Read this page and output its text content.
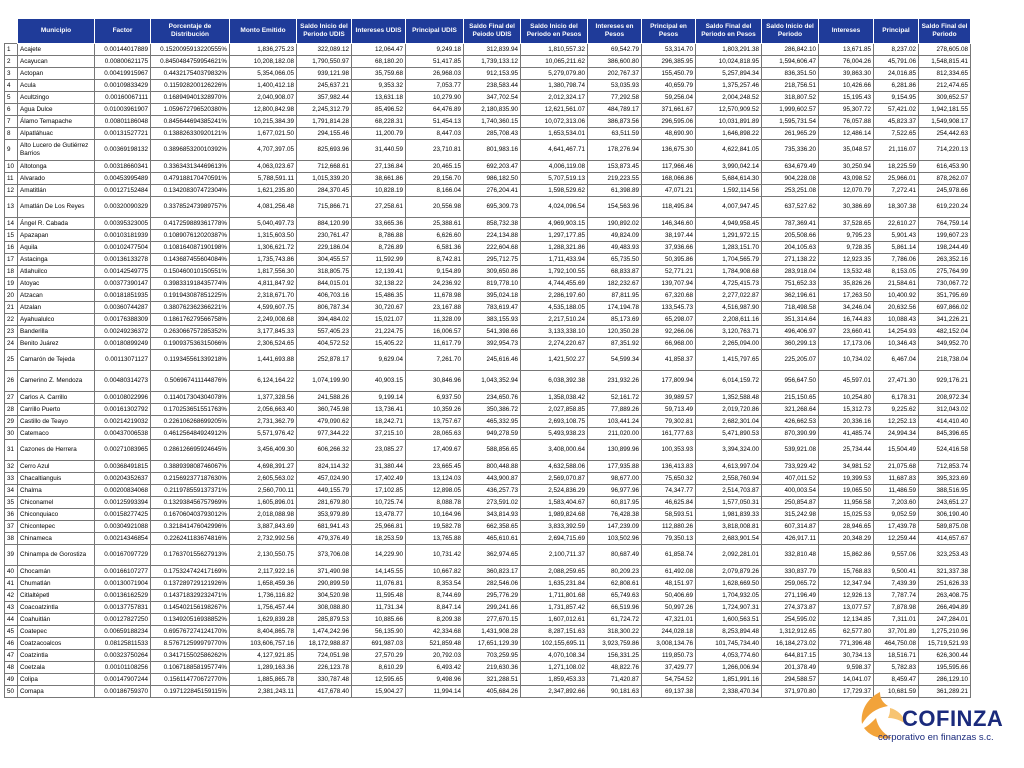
	Municipio	Factor	Porcentaje de Distribución	Monto Emitido	Saldo Inicio del Periodo UDIS	Intereses UDIS	Principal UDIS	Saldo Final del Peiodo UDIS	Saldo Inicio del Periodo en Pesos	Intereses en Pesos	Principal en Pesos	Saldo Final del Periodo en Pesos	Saldo Inicio del Periodo	Intereses	Principal	Saldo Final del Periodo
1	Acajete	0.00144017889	0.1520095913220555%	1,836,275.23	322,089.12	12,064.47	9,249.18	312,839.94	1,810,557.32	69,542.79	53,314.70	1,803,291.38	286,842.10	13,671.85	8,237.02	278,605.08
2	Acayucan	0.00800621175	0.84504847599546​21%	10,208,182.08	1,790,550.97	68,180.20	51,417.85	1,739,133.12	10,065,211.62	386,600.80	296,385.95	10,024,818.95	1,594,606.47	76,004.26	45,791.06	1,548,815.41
3	Actopan	0.00419915967	0.443217540379832%	5,354,066.05	939,121.98	35,759.68	26,968.03	912,153.95	5,279,079.80	202,767.37	155,450.79	5,257,894.34	836,351.50	39,863.30	24,016.85	812,334.65
4	Acula	0.00109833429	0.115928200126226%	1,400,412.18	245,637.21	9,353.32	7,053.77	238,583.44	1,380,798.74	53,035.93	40,659.79	1,375,257.46	218,756.51	10,426.66	6,281.86	212,474.65
5	Acultzingo	0.00160067111	0.168949401328970%	2,040,908.07	357,982.44	13,631.18	10,279.90	347,702.54	2,012,324.17	77,292.58	59,256.04	2,004,248.52	318,807.52	15,195.43	9,154.95	309,652.57
6	Agua Dulce	0.01003961907	1.059672796520380%	12,800,842.98	2,245,312.79	85,496.52	64,476.89	2,180,835.90	12,621,561.07	484,789.17	371,661.67	12,570,909.52	1,999,602.57	95,307.72	57,421.02	1,942,181.55
7	Álamo Temapache	0.00801186048	0.845644694385241%	10,215,384.39	1,791,814.28	68,228.31	51,454.13	1,740,360.15	10,072,313.06	386,873.56	296,595.06	10,031,891.89	1,595,731.54	76,057.88	45,823.37	1,549,908.17
8	Alpatláhuac	0.00131527721	0.138826330920121%	1,677,021.50	294,155.46	11,200.79	8,447.03	285,708.43	1,653,534.01	63,511.59	48,690.90	1,646,898.22	261,965.29	12,486.14	7,522.65	254,442.63
9	Alto Lucero de Gutiérrez Barrios	0.00369198132	0.389685320010392%	4,707,397.05	825,693.96	31,440.59	23,710.81	801,983.16	4,641,467.71	178,276.94	136,675.30	4,622,841.05	735,336.20	35,048.57	21,116.07	714,220.13
10	Altotonga	0.00318660341	0.336343134469613%	4,063,023.67	712,668.61	27,136.84	20,465.15	692,203.47	4,006,119.08	153,873.45	117,966.46	3,990,042.14	634,679.49	30,250.94	18,225.59	616,453.90
11	Alvarado	0.00453995489	0.479188170470591%	5,788,591.11	1,015,339.20	38,661.86	29,156.70	986,182.50	5,707,519.13	219,223.55	168,066.86	5,684,614.30	904,228.08	43,098.52	25,966.01	878,262.07
12	Amatitlán	0.00127152484	0.134208307472304%	1,621,235.80	284,370.45	10,828.19	8,166.04	276,204.41	1,598,529.62	61,398.89	47,071.21	1,592,114.56	253,251.08	12,070.79	7,272.41	245,978.66
13	Amatlán De Los Reyes	0.00320090329	0.337852473989757%	4,081,256.48	715,866.71	27,258.61	20,556.98	695,309.73	4,024,096.54	154,563.96	118,495.84	4,007,947.45	637,527.62	30,386.69	18,307.38	619,220.24
14	Ángel R. Cabada	0.00395323005	0.417259889361778%	5,040,497.73	884,120.99	33,665.36	25,388.61	858,732.38	4,969,903.15	190,892.02	146,346.60	4,949,958.45	787,369.41	37,528.65	22,610.27	764,759.14
15	Apazapan	0.00103181939	0.108907612020387%	1,315,603.50	230,761.47	8,786.88	6,626.60	224,134.88	1,297,177.85	49,824.09	38,197.44	1,291,972.15	205,508.66	9,795.23	5,901.43	199,607.23
16	Aquila	0.00102477504	0.108164087190198%	1,306,621.72	229,186.04	8,726.89	6,581.36	222,604.68	1,288,321.86	49,483.93	37,936.66	1,283,151.70	204,105.63	9,728.35	5,861.14	198,244.49
17	Astacinga	0.00136133278	0.143687455604084%	1,735,743.86	304,455.57	11,592.99	8,742.81	295,712.75	1,711,433.94	65,735.50	50,395.86	1,704,565.79	271,138.22	12,923.35	7,786.06	263,352.16
18	Atlahuilco	0.00142549775	0.150460010150551%	1,817,556.30	318,805.75	12,139.41	9,154.89	309,650.86	1,792,100.55	68,833.87	52,771.21	1,784,908.68	283,918.04	13,532.48	8,153.05	275,764.99
19	Atoyac	0.00377390147	0.398331918435774%	4,811,847.92	844,015.01	32,138.22	24,236.92	819,778.10	4,744,455.69	182,232.67	139,707.94	4,725,415.73	751,652.33	35,826.26	21,584.61	730,067.72
20	Atzacan	0.00181851935	0.191943087851225%	2,318,671.70	406,703.16	15,486.35	11,678.98	395,024.18	2,286,197.60	87,811.95	67,320.68	2,277,022.87	362,196.61	17,263.50	10,400.92	351,795.69
21	Atzalan	0.00360744287	0.380762362366221%	4,599,607.75	806,787.34	30,720.67	23,167.88	783,619.47	4,535,188.05	174,194.78	133,545.73	4,516,987.90	718,498.58	34,246.04	20,632.56	697,866.02
22	Ayahualulco	0.00176388309	0.186176279566758%	2,249,008.68	394,484.02	15,021.07	11,328.09	383,155.93	2,217,510.24	85,173.69	65,298.07	2,208,611.16	351,314.64	16,744.83	10,088.43	341,226.21
23	Banderilla	0.00249236372	0.263066757285352%	3,177,845.33	557,405.23	21,224.75	16,006.57	541,398.66	3,133,338.10	120,350.28	92,266.06	3,120,763.71	496,406.97	23,660.41	14,254.93	482,152.04
24	Benito Juárez	0.00180899249	0.190937536315066%	2,306,524.65	404,572.52	15,405.22	11,617.79	392,954.73	2,274,220.67	87,351.92	66,968.00	2,265,094.00	360,299.13	17,173.06	10,346.43	349,952.70
25	Camarón de Tejeda	0.00113071127	0.119345561339218%	1,441,693.88	252,878.17	9,629.04	7,261.70	245,616.46	1,421,502.27	54,599.34	41,858.37	1,415,797.65	225,205.07	10,734.02	6,467.04	218,738.04
26	Camerino Z. Mendoza	0.00480314273	0.506967411144876%	6,124,164.22	1,074,199.90	40,903.15	30,846.96	1,043,352.94	6,038,392.38	231,932.26	177,809.94	6,014,159.72	956,647.50	45,597.01	27,471.30	929,176.21
27	Carlos A. Carrillo	0.00108022996	0.114017304304078%	1,377,328.56	241,588.26	9,199.14	6,937.50	234,650.76	1,358,038.42	52,161.72	39,989.57	1,352,588.48	215,150.65	10,254.80	6,178.31	208,972.34
28	Carrillo Puerto	0.00161302792	0.170253651551763%	2,056,663.40	360,745.98	13,736.41	10,359.26	350,386.72	2,027,858.85	77,889.26	59,713.49	2,019,720.86	321,268.64	15,312.73	9,225.62	312,043.02
29	Castillo de Teayo	0.00214219032	0.226106268699205%	2,731,362.79	479,090.62	18,242.71	13,757.67	465,332.95	2,693,108.75	103,441.24	79,302.81	2,682,301.04	426,662.53	20,336.16	12,252.13	414,410.40
30	Catemaco	0.00437006538	0.461256484924912%	5,571,976.42	977,344.22	37,215.10	28,065.63	949,278.59	5,493,938.23	211,020.00	161,777.63	5,471,890.53	870,390.99	41,485.74	24,994.34	845,396.65
31	Cazones de Herrera	0.00271083965	0.286126695924645%	3,456,409.30	606,266.32	23,085.27	17,409.67	588,856.65	3,408,000.64	130,899.96	100,353.93	3,394,324.00	539,921.08	25,734.44	15,504.49	524,416.58
32	Cerro Azul	0.00368491815	0.388939808746067%	4,698,391.27	824,114.32	31,380.44	23,665.45	800,448.88	4,632,588.06	177,935.88	136,413.83	4,613,997.04	733,929.42	34,981.52	21,075.68	712,853.74
33	Chacaltianguis	0.00204352637	0.215692377187630%	2,605,563.02	457,024.90	17,402.49	13,124.03	443,900.87	2,569,070.87	98,677.00	75,650.32	2,558,760.94	407,011.52	19,399.53	11,687.83	395,323.69
34	Chalma	0.00200834068	0.211978559137371%	2,560,700.11	449,155.79	17,102.85	12,898.05	436,257.73	2,524,836.29	96,977.96	74,347.77	2,514,703.87	400,003.54	19,065.50	11,486.59	388,516.95
35	Chiconamel	0.00125993394	0.132938456757969%	1,605,896.01	281,679.80	10,725.74	8,088.78	273,591.02	1,583,404.67	60,817.95	46,625.84	1,577,050.31	250,854.87	11,956.58	7,203.60	243,651.27
36	Chiconquiaco	0.00158277425	0.167060403793012%	2,018,088.98	353,979.89	13,478.77	10,164.96	343,814.93	1,989,824.68	76,428.38	58,593.51	1,981,839.33	315,242.98	15,025.53	9,052.59	306,190.40
37	Chicontepec	0.00304921088	0.321841476042996%	3,887,843.69	681,941.43	25,966.81	19,582.78	662,358.65	3,833,392.59	147,239.09	112,880.26	3,818,008.81	607,314.87	28,946.65	17,439.78	589,875.08
38	Chinameca	0.00214346854	0.226241183674816%	2,732,992.56	479,376.49	18,253.59	13,765.88	465,610.61	2,694,715.69	103,502.96	79,350.13	2,683,901.54	426,917.11	20,348.29	12,259.44	414,657.67
39	Chinampa de Gorostiza	0.00167097729	0.176370155627913%	2,130,550.75	373,706.08	14,229.90	10,731.42	362,974.65	2,100,711.37	80,687.49	61,858.74	2,092,281.01	332,810.48	15,862.86	9,557.06	323,253.43
40	Chocamán	0.00166107277	0.175324742417169%	2,117,922.16	371,490.98	14,145.55	10,667.82	360,823.17	2,088,259.65	80,209.23	61,492.08	2,079,879.26	330,837.79	15,768.83	9,500.41	321,337.38
41	Chumatlán	0.00130071904	0.137289729121926%	1,658,459.36	290,899.59	11,076.81	8,353.54	282,546.06	1,635,231.84	62,808.61	48,151.97	1,628,669.50	259,065.72	12,347.94	7,439.39	251,626.33
42	Citlaltépetl	0.00136162529	0.143718329232471%	1,736,116.82	304,520.98	11,595.48	8,744.69	295,776.29	1,711,801.68	65,749.63	50,406.69	1,704,932.05	271,196.49	12,926.13	7,787.74	263,408.75
43	Coacoatzintla	0.00137757831	0.145402156198267%	1,756,457.44	308,088.80	11,731.34	8,847.14	299,241.66	1,731,857.42	66,519.96	50,997.26	1,724,907.31	274,373.87	13,077.57	7,878.98	266,494.89
44	Coahuitlán	0.00127827250	0.134920516938852%	1,629,839.28	285,879.53	10,885.66	8,209.38	277,670.15	1,607,012.61	61,724.72	47,321.01	1,600,563.51	254,595.02	12,134.85	7,311.01	247,284.01
45	Coatepec	0.00659188234	0.695767274124170%	8,404,865.78	1,474,242.96	56,135.90	42,334.68	1,431,908.28	8,287,151.63	318,300.22	244,028.18	8,253,894.48	1,312,912.65	62,577.80	37,701.89	1,275,210.96
46	Coatzacoalcos	0.08125811533	8.576712599979770%	103,606,757.16	18,172,988.87	691,987.03	521,859.48	17,651,129.39	102,155,695.11	3,923,759.86	3,008,134.76	101,745,734.40	16,184,273.02	771,396.48	464,750.08	15,719,521.93
47	Coatzintla	0.00323750264	0.341715502586262%	4,127,921.85	724,051.98	27,570.29	20,792.03	703,259.95	4,070,108.34	156,331.25	119,850.73	4,053,774.60	644,817.15	30,734.13	18,516.71	626,300.44
48	Coetzala	0.00101108256	0.106718858195774%	1,289,163.36	226,123.78	8,610.29	6,493.42	219,630.36	1,271,108.02	48,822.76	37,429.77	1,266,006.94	201,378.49	9,598.37	5,782.83	195,595.66
49	Colipa	0.00147907244	0.156114770672770%	1,885,865.78	330,787.48	12,595.65	9,498.96	321,288.51	1,859,453.33	71,420.87	54,754.52	1,851,991.16	294,588.57	14,041.07	8,459.47	286,129.10
50	Comapa	0.00186759370	0.197122845159115%	2,381,243.11	417,678.40	15,904.27	11,994.14	405,684.26	2,347,892.66	90,181.63	69,137.38	2,338,470.34	371,970.80	17,729.37	10,681.59	361,289.21
COFINZA
corporativo en finanzas s.c.
